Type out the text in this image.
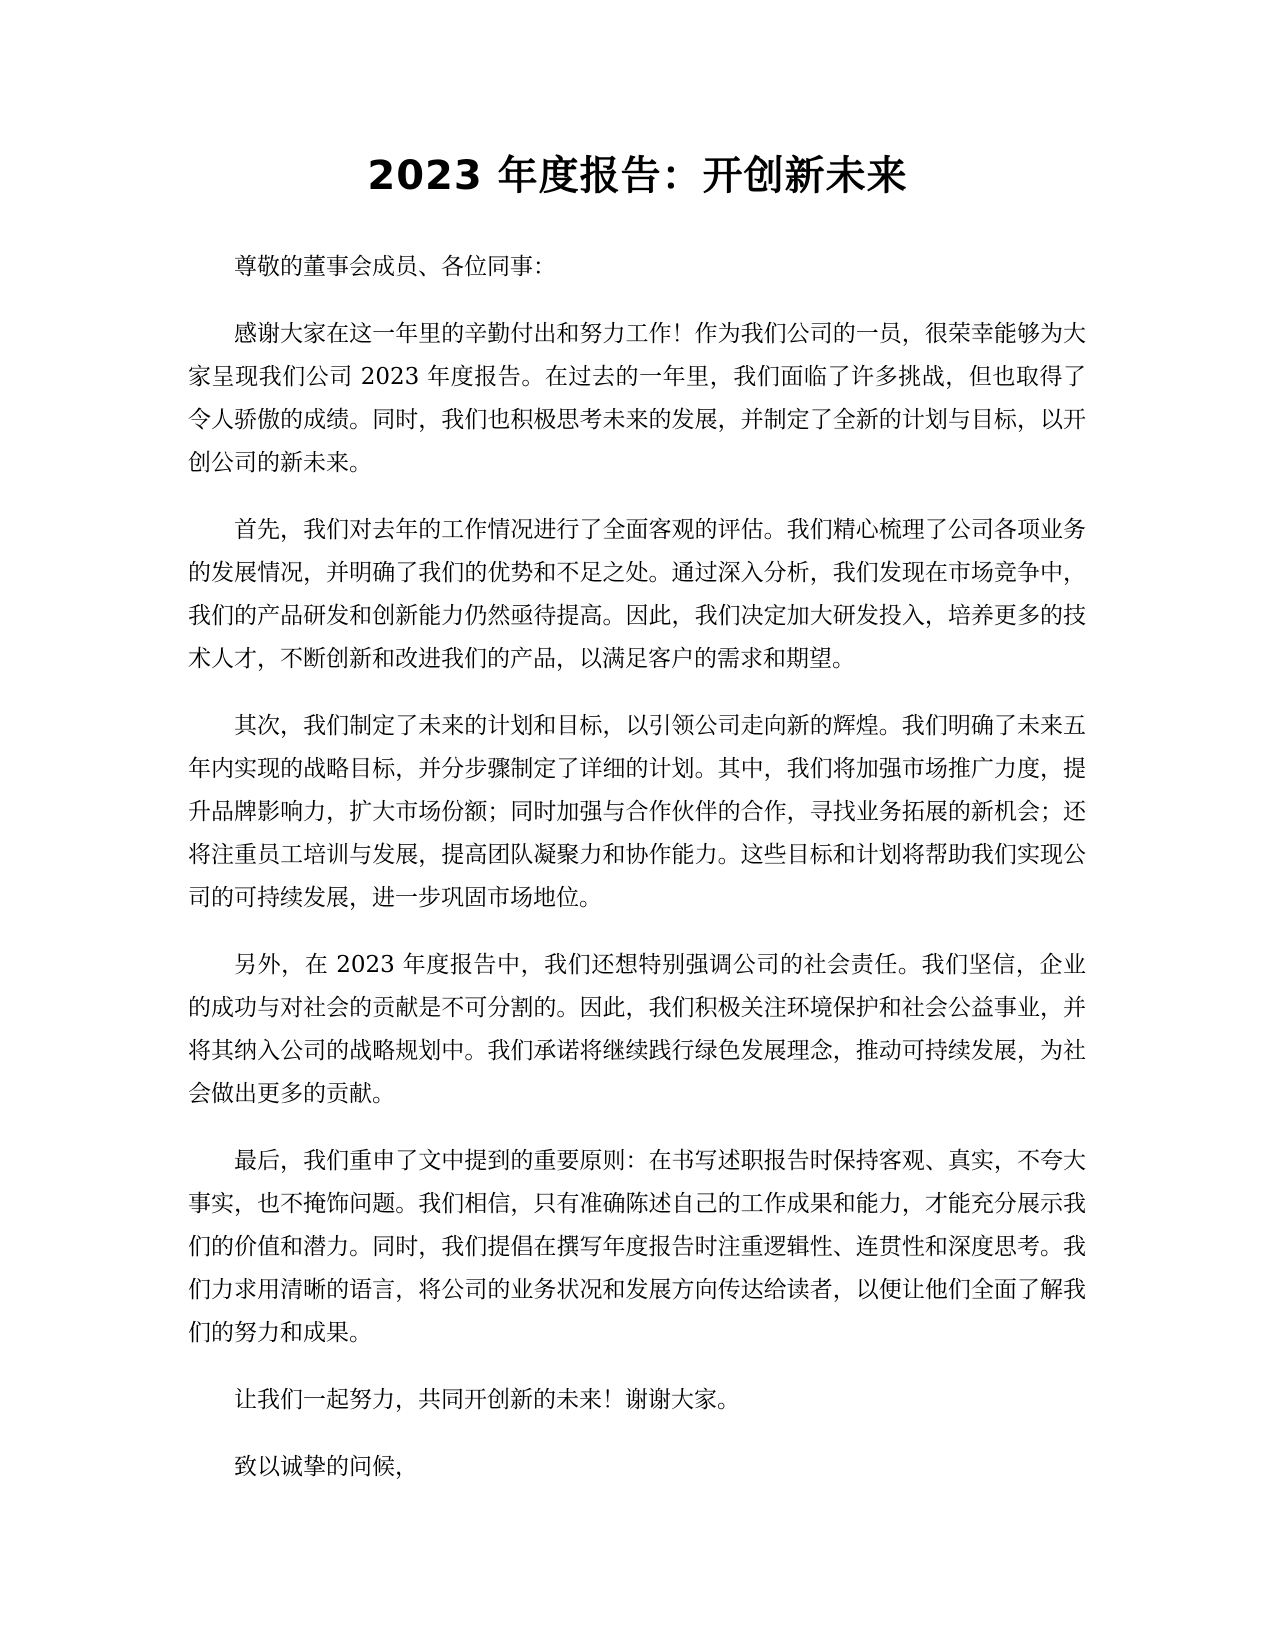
2023 年度报告：开创新未来

尊敬的董事会成员、各位同事：

感谢大家在这一年里的辛勤付出和努力工作！作为我们公司的一员，很荣幸能够为大家呈现我们公司 2023 年度报告。在过去的一年里，我们面临了许多挑战，但也取得了令人骄傲的成绩。同时，我们也积极思考未来的发展，并制定了全新的计划与目标，以开创公司的新未来。

首先，我们对去年的工作情况进行了全面客观的评估。我们精心梳理了公司各项业务的发展情况，并明确了我们的优势和不足之处。通过深入分析，我们发现在市场竞争中，我们的产品研发和创新能力仍然亟待提高。因此，我们决定加大研发投入，培养更多的技术人才，不断创新和改进我们的产品，以满足客户的需求和期望。

其次，我们制定了未来的计划和目标，以引领公司走向新的辉煌。我们明确了未来五年内实现的战略目标，并分步骤制定了详细的计划。其中，我们将加强市场推广力度，提升品牌影响力，扩大市场份额；同时加强与合作伙伴的合作，寻找业务拓展的新机会；还将注重员工培训与发展，提高团队凝聚力和协作能力。这些目标和计划将帮助我们实现公司的可持续发展，进一步巩固市场地位。

另外，在 2023 年度报告中，我们还想特别强调公司的社会责任。我们坚信，企业的成功与对社会的贡献是不可分割的。因此，我们积极关注环境保护和社会公益事业，并将其纳入公司的战略规划中。我们承诺将继续践行绿色发展理念，推动可持续发展，为社会做出更多的贡献。

最后，我们重申了文中提到的重要原则：在书写述职报告时保持客观、真实，不夸大事实，也不掩饰问题。我们相信，只有准确陈述自己的工作成果和能力，才能充分展示我们的价值和潜力。同时，我们提倡在撰写年度报告时注重逻辑性、连贯性和深度思考。我们力求用清晰的语言，将公司的业务状况和发展方向传达给读者，以便让他们全面了解我们的努力和成果。

让我们一起努力，共同开创新的未来！谢谢大家。

致以诚挚的问候，
